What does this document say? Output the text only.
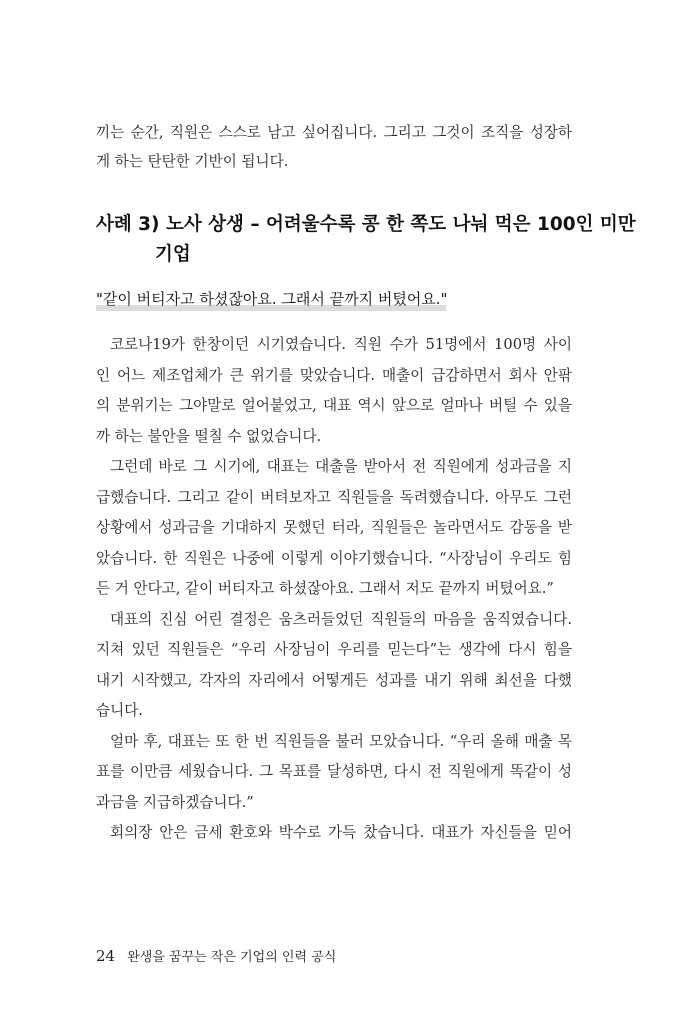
끼는 순간, 직원은 스스로 남고 싶어집니다. 그리고 그것이 조직을 성장하
게 하는 탄탄한 기반이 됩니다.
사례 3) 노사 상생 – 어려울수록 콩 한 쪽도 나눠 먹은 100인 미만
기업
"같이 버티자고 하셨잖아요. 그래서 끝까지 버텼어요."
코로나19가 한창이던 시기였습니다. 직원 수가 51명에서 100명 사이
인 어느 제조업체가 큰 위기를 맞았습니다. 매출이 급감하면서 회사 안팎
의 분위기는 그야말로 얼어붙었고, 대표 역시 앞으로 얼마나 버틸 수 있을
까 하는 불안을 떨칠 수 없었습니다.
그런데 바로 그 시기에, 대표는 대출을 받아서 전 직원에게 성과금을 지
급했습니다. 그리고 같이 버텨보자고 직원들을 독려했습니다. 아무도 그런
상황에서 성과금을 기대하지 못했던 터라, 직원들은 놀라면서도 감동을 받
았습니다. 한 직원은 나중에 이렇게 이야기했습니다. “사장님이 우리도 힘
든 거 안다고, 같이 버티자고 하셨잖아요. 그래서 저도 끝까지 버텼어요.”
대표의 진심 어린 결정은 움츠러들었던 직원들의 마음을 움직였습니다.
지쳐 있던 직원들은 “우리 사장님이 우리를 믿는다”는 생각에 다시 힘을
내기 시작했고, 각자의 자리에서 어떻게든 성과를 내기 위해 최선을 다했
습니다.
얼마 후, 대표는 또 한 번 직원들을 불러 모았습니다. “우리 올해 매출 목
표를 이만큼 세웠습니다. 그 목표를 달성하면, 다시 전 직원에게 똑같이 성
과금을 지급하겠습니다.”
회의장 안은 금세 환호와 박수로 가득 찼습니다. 대표가 자신들을 믿어
24 완생을 꿈꾸는 작은 기업의 인력 공식
